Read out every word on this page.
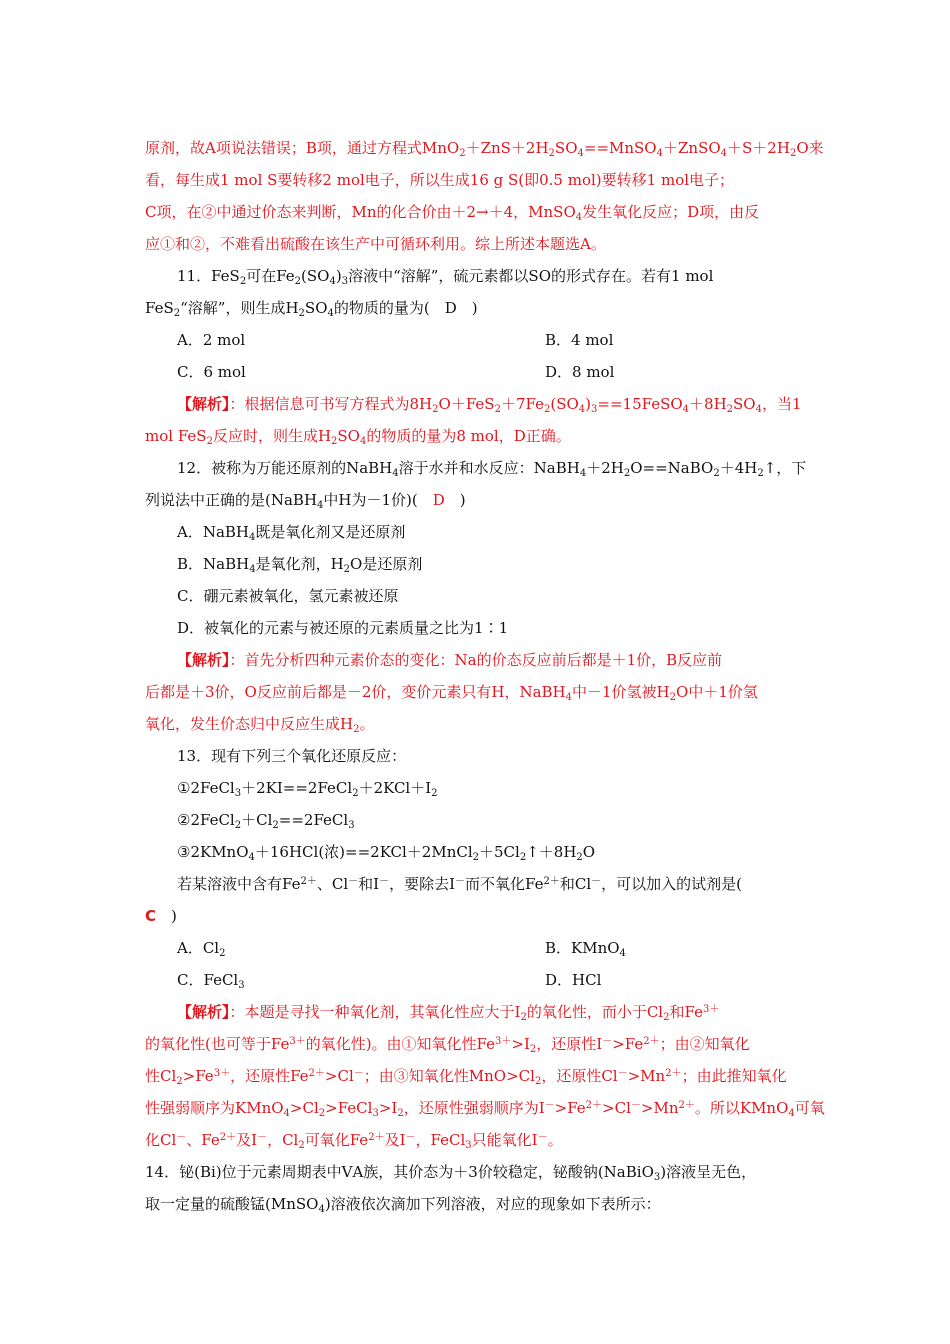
原剂，故A项说法错误；B项，通过方程式$MnO_2+ZnS+2H_2SO_4==MnSO_4+ZnSO_4+S+2H_2O$来
看，每生成1 mol S要转移2 mol电子，所以生成16 g S(即0.5 mol)要转移1 mol电子；
C项，在②中通过价态来判断，Mn的化合价由＋2→＋4，MnSO$_4$发生氧化反应；D项，由反
应①和②，不难看出硫酸在该生产中可循环利用。综上所述本题选A。
11．FeS$_2$可在$Fe_2(SO_4)_3$溶液中“溶解”，硫元素都以SO的形式存在。若有1 mol
FeS$_2$“溶解”，则生成$H_2SO_4$的物质的量为(　D　)
A．2 mol	B．4 mol
C．6 mol	D．8 mol
【解析】：根据信息可书写方程式为$8H_2O+FeS_2+7Fe_2(SO_4)_3==15FeSO_4+8H_2SO_4$，当1
mol FeS$_2$反应时，则生成$H_2SO_4$的物质的量为8 mol，D正确。
12．被称为万能还原剂的NaBH$_4$溶于水并和水反应：$NaBH_4+2H_2O==NaBO_2+4H_2↑$，下
列说法中正确的是(NaBH$_4$中H为－1价)(　D　)
A．NaBH$_4$既是氧化剂又是还原剂
B．NaBH$_4$是氧化剂，$H_2O$是还原剂
C．硼元素被氧化，氢元素被还原
D．被氧化的元素与被还原的元素质量之比为1∶1
【解析】：首先分析四种元素价态的变化：Na的价态反应前后都是＋1价，B反应前
后都是＋3价，O反应前后都是－2价，变价元素只有H，NaBH$_4$中－1价氢被$H_2O$中＋1价氢
氧化，发生价态归中反应生成$H_2$。
13．现有下列三个氧化还原反应：
$①2FeCl_3+2KI==2FeCl_2+2KCl+I_2$
$②2FeCl_2+Cl_2==2FeCl_3$
③2KMnO$_4$＋16HCl(浓)$==2KCl+2MnCl_2+5Cl_2↑+8H_2O$
若某溶液中含有$Fe^{2+}$、Cl－和I－，要除去I－而不氧化$Fe^{2+}$和Cl－，可以加入的试剂是(
C　)
A．$Cl_2$	B．KMnO$_4$
C．FeCl$_3$	D．HCl
【解析】：本题是寻找一种氧化剂，其氧化性应大于$I_2$的氧化性，而小于$Cl_2$和$Fe^{3+}$
的氧化性(也可等于$Fe^{3+}$的氧化性)。由①知氧化性$Fe^{3+}>I_2$，还原性$I^->Fe^{2+}$；由②知氧化
性$Cl_2>Fe^{3+}$，还原性$Fe^{2+}>Cl^-$；由③知氧化性$MnO>Cl_2$，还原性$Cl^->Mn^{2+}$；由此推知氧化
性强弱顺序为$KMnO_4>Cl_2>FeCl_3>I_2$，还原性强弱顺序为$I^->Fe^{2+}>Cl^->Mn^{2+}$。所以KMnO$_4$可氧
化Cl－、$Fe^{2+}$及I－，$Cl_2$可氧化$Fe^{2+}$及I－，FeCl$_3$只能氧化I－。
14．铋(Bi)位于元素周期表中ⅤA族，其价态为＋3价较稳定，铋酸钠(NaBiO$_3$)溶液呈无色，
取一定量的硫酸锰(MnSO$_4$)溶液依次滴加下列溶液，对应的现象如下表所示：
